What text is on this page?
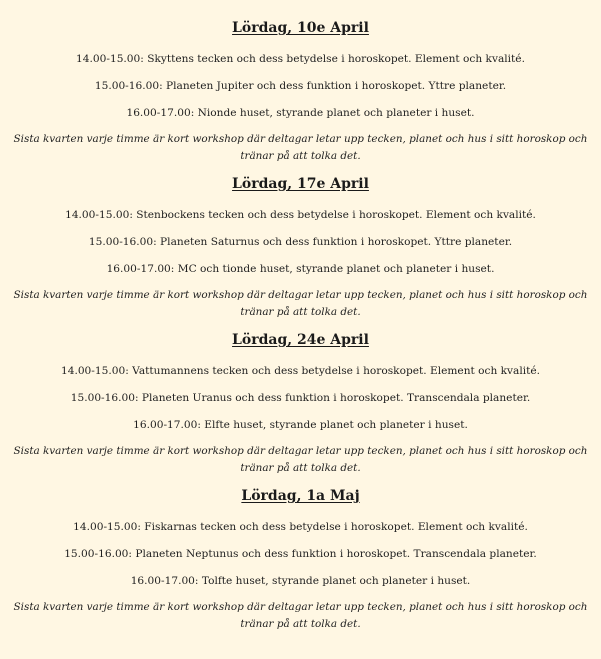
Lördag, 10e April

14.00-15.00: Skyttens tecken och dess betydelse i horoskopet. Element och kvalité.

15.00-16.00: Planeten Jupiter och dess funktion i horoskopet. Yttre planeter.

16.00-17.00: Nionde huset, styrande planet och planeter i huset.

Sista kvarten varje timme är kort workshop där deltagar letar upp tecken, planet och hus i sitt horoskop och tränar på att tolka det.

Lördag, 17e April

14.00-15.00: Stenbockens tecken och dess betydelse i horoskopet. Element och kvalité.

15.00-16.00: Planeten Saturnus och dess funktion i horoskopet. Yttre planeter.

16.00-17.00: MC och tionde huset, styrande planet och planeter i huset.

Sista kvarten varje timme är kort workshop där deltagar letar upp tecken, planet och hus i sitt horoskop och tränar på att tolka det.

Lördag, 24e April

14.00-15.00: Vattumannens tecken och dess betydelse i horoskopet. Element och kvalité.

15.00-16.00: Planeten Uranus och dess funktion i horoskopet. Transcendala planeter.

16.00-17.00: Elfte huset, styrande planet och planeter i huset.

Sista kvarten varje timme är kort workshop där deltagar letar upp tecken, planet och hus i sitt horoskop och tränar på att tolka det.

Lördag, 1a Maj

14.00-15.00: Fiskarnas tecken och dess betydelse i horoskopet. Element och kvalité.

15.00-16.00: Planeten Neptunus och dess funktion i horoskopet. Transcendala planeter.

16.00-17.00: Tolfte huset, styrande planet och planeter i huset.

Sista kvarten varje timme är kort workshop där deltagar letar upp tecken, planet och hus i sitt horoskop och tränar på att tolka det.
